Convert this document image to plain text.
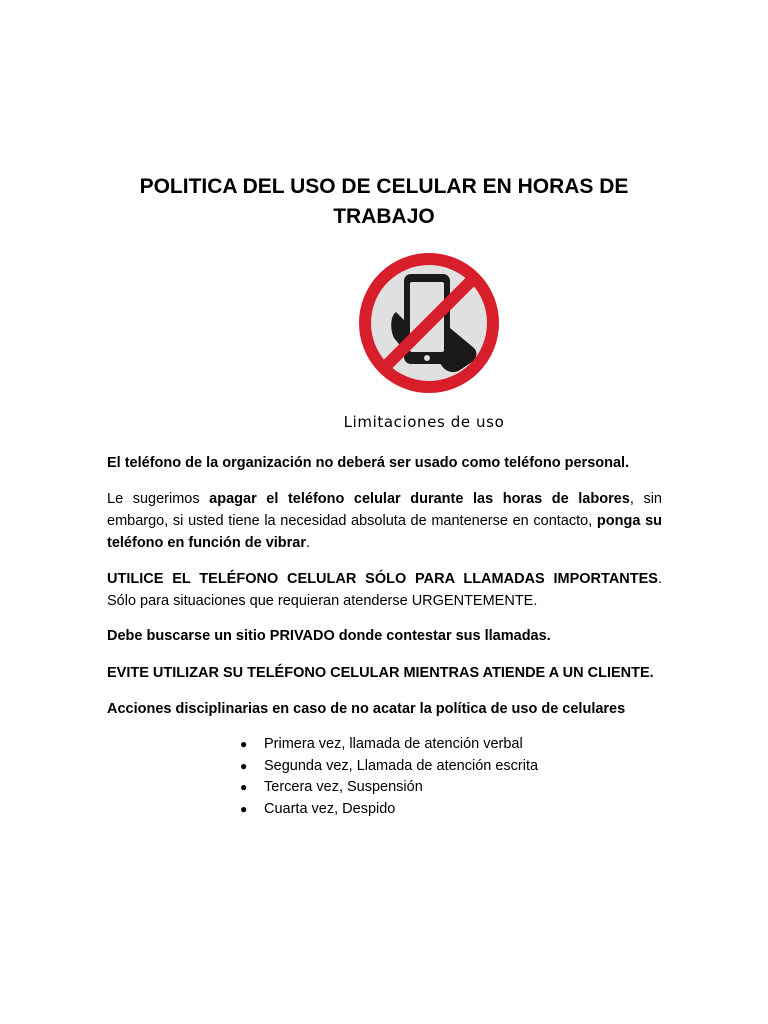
POLITICA DEL USO DE CELULAR EN HORAS DE TRABAJO

Limitaciones de uso

El teléfono de la organización no deberá ser usado como teléfono personal.

Le sugerimos apagar el teléfono celular durante las horas de labores, sin embargo, si usted tiene la necesidad absoluta de mantenerse en contacto, ponga su teléfono en función de vibrar.

UTILICE EL TELÉFONO CELULAR SÓLO PARA LLAMADAS IMPORTANTES.

Sólo para situaciones que requieran atenderse URGENTEMENTE.

Debe buscarse un sitio PRIVADO donde contestar sus llamadas.

EVITE UTILIZAR SU TELÉFONO CELULAR MIENTRAS ATIENDE A UN CLIENTE.

Acciones disciplinarias en caso de no acatar la política de uso de celulares

● Primera vez, llamada de atención verbal
● Segunda vez, Llamada de atención escrita
● Tercera vez, Suspensión
● Cuarta vez, Despido
